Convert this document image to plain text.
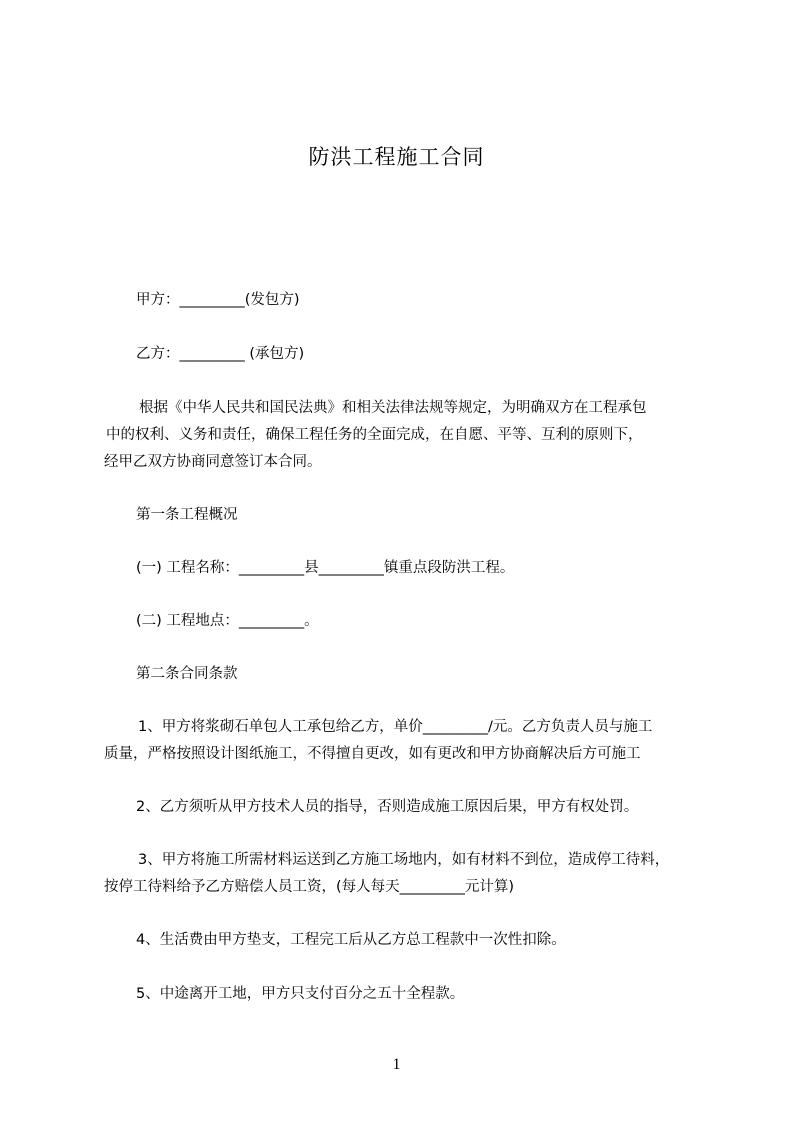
防洪工程施工合同
甲方：_________(发包方)
乙方：_________ (承包方)
根据《中华人民共和国民法典》和相关法律法规等规定，为明确双方在工程承包
中的权利、义务和责任，确保工程任务的全面完成，在自愿、平等、互利的原则下，
经甲乙双方协商同意签订本合同。
第一条工程概况
(一) 工程名称：_________县_________镇重点段防洪工程。
(二) 工程地点：_________。
第二条合同条款
1、甲方将浆砌石单包人工承包给乙方，单价_________/元。乙方负责人员与施工
质量，严格按照设计图纸施工，不得擅自更改，如有更改和甲方协商解决后方可施工
2、乙方须听从甲方技术人员的指导，否则造成施工原因后果，甲方有权处罚。
3、甲方将施工所需材料运送到乙方施工场地内，如有材料不到位，造成停工待料，
按停工待料给予乙方赔偿人员工资，(每人每天_________元计算)
4、生活费由甲方垫支，工程完工后从乙方总工程款中一次性扣除。
5、中途离开工地，甲方只支付百分之五十全程款。
1
